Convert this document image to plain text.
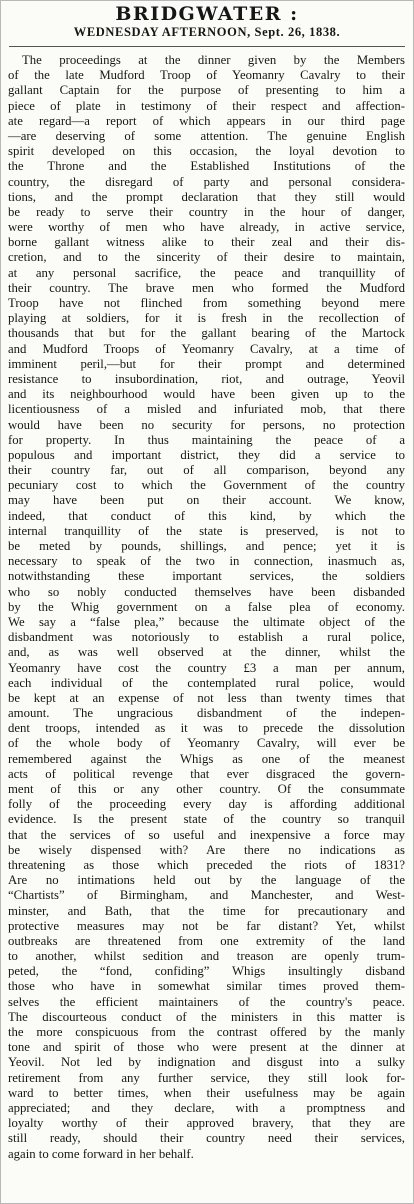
BRIDGWATER :
WEDNESDAY AFTERNOON, Sept. 26, 1838.
The proceedings at the dinner given by the Members
of the late Mudford Troop of Yeomanry Cavalry to their
gallant Captain for the purpose of presenting to him a
piece of plate in testimony of their respect and affection-
ate regard—a report of which appears in our third page
—are deserving of some attention. The genuine English
spirit developed on this occasion, the loyal devotion to
the Throne and the Established Institutions of the
country, the disregard of party and personal considera-
tions, and the prompt declaration that they still would
be ready to serve their country in the hour of danger,
were worthy of men who have already, in active service,
borne gallant witness alike to their zeal and their dis-
cretion, and to the sincerity of their desire to maintain,
at any personal sacrifice, the peace and tranquillity of
their country. The brave men who formed the Mudford
Troop have not flinched from something beyond mere
playing at soldiers, for it is fresh in the recollection of
thousands that but for the gallant bearing of the Martock
and Mudford Troops of Yeomanry Cavalry, at a time of
imminent peril,—but for their prompt and determined
resistance to insubordination, riot, and outrage, Yeovil
and its neighbourhood would have been given up to the
licentiousness of a misled and infuriated mob, that there
would have been no security for persons, no protection
for property. In thus maintaining the peace of a
populous and important district, they did a service to
their country far, out of all comparison, beyond any
pecuniary cost to which the Government of the country
may have been put on their account. We know,
indeed, that conduct of this kind, by which the
internal tranquillity of the state is preserved, is not to
be meted by pounds, shillings, and pence; yet it is
necessary to speak of the two in connection, inasmuch as,
notwithstanding these important services, the soldiers
who so nobly conducted themselves have been disbanded
by the Whig government on a false plea of economy.
We say a “false plea,” because the ultimate object of the
disbandment was notoriously to establish a rural police,
and, as was well observed at the dinner, whilst the
Yeomanry have cost the country £3 a man per annum,
each individual of the contemplated rural police, would
be kept at an expense of not less than twenty times that
amount. The ungracious disbandment of the indepen-
dent troops, intended as it was to precede the dissolution
of the whole body of Yeomanry Cavalry, will ever be
remembered against the Whigs as one of the meanest
acts of political revenge that ever disgraced the govern-
ment of this or any other country. Of the consummate
folly of the proceeding every day is affording additional
evidence. Is the present state of the country so tranquil
that the services of so useful and inexpensive a force may
be wisely dispensed with? Are there no indications as
threatening as those which preceded the riots of 1831?
Are no intimations held out by the language of the
“Chartists” of Birmingham, and Manchester, and West-
minster, and Bath, that the time for precautionary and
protective measures may not be far distant? Yet, whilst
outbreaks are threatened from one extremity of the land
to another, whilst sedition and treason are openly trum-
peted, the “fond, confiding” Whigs insultingly disband
those who have in somewhat similar times proved them-
selves the efficient maintainers of the country's peace.
The discourteous conduct of the ministers in this matter is
the more conspicuous from the contrast offered by the manly
tone and spirit of those who were present at the dinner at
Yeovil. Not led by indignation and disgust into a sulky
retirement from any further service, they still look for-
ward to better times, when their usefulness may be again
appreciated; and they declare, with a promptness and
loyalty worthy of their approved bravery, that they are
still ready, should their country need their services,
again to come forward in her behalf.
